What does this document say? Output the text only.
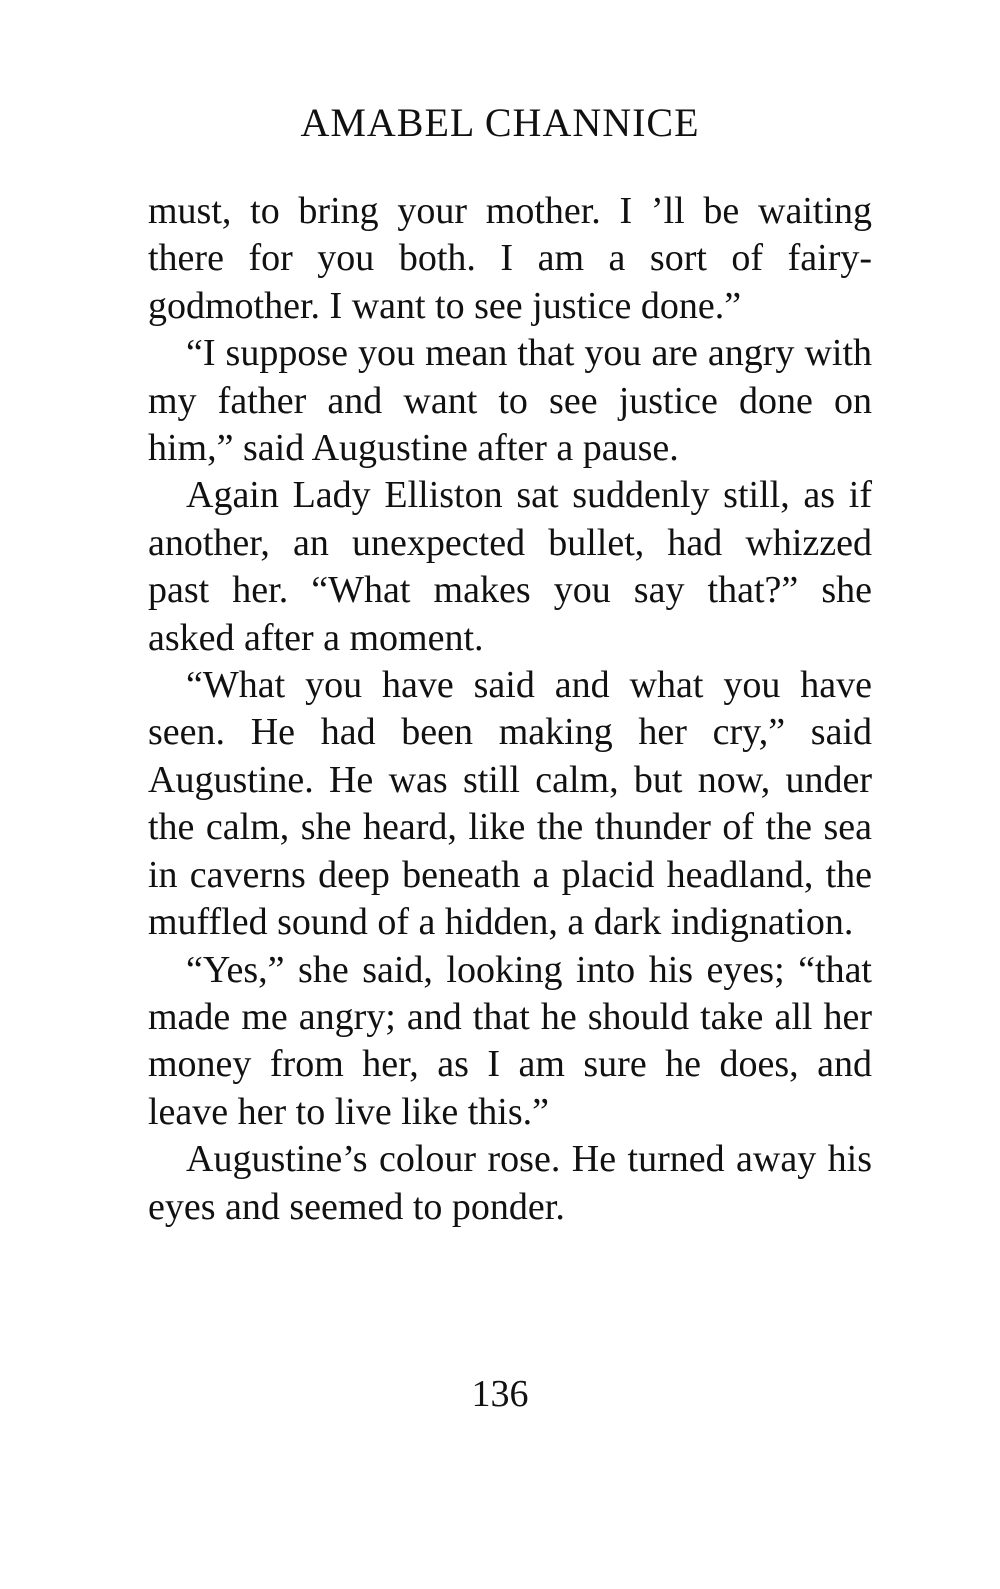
AMABEL CHANNICE

must, to bring your mother. I ’ll be waiting there for you both. I am a sort of fairy-godmother. I want to see justice done.”

“I suppose you mean that you are angry with my father and want to see justice done on him,” said Augustine after a pause.

Again Lady Elliston sat suddenly still, as if another, an unexpected bullet, had whizzed past her. “What makes you say that?” she asked after a moment.

“What you have said and what you have seen. He had been making her cry,” said Augustine. He was still calm, but now, under the calm, she heard, like the thunder of the sea in caverns deep beneath a placid headland, the muffled sound of a hidden, a dark indignation.

“Yes,” she said, looking into his eyes; “that made me angry; and that he should take all her money from her, as I am sure he does, and leave her to live like this.”

Augustine’s colour rose. He turned away his eyes and seemed to ponder.

136
